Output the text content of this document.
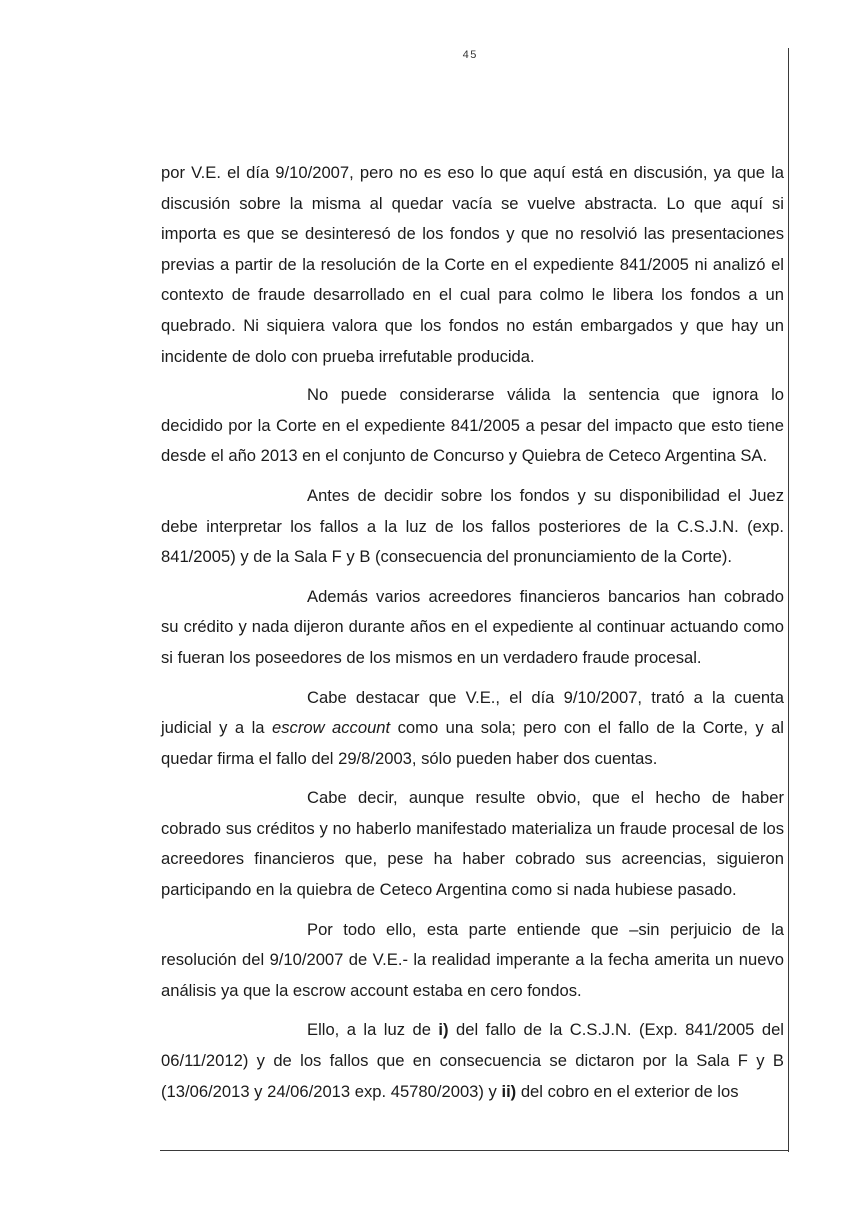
45

por V.E. el día 9/10/2007, pero no es eso lo que aquí está en discusión, ya que la discusión sobre la misma al quedar vacía se vuelve abstracta. Lo que aquí si importa es que se desinteresó de los fondos y que no resolvió las presentaciones previas a partir de la resolución de la Corte en el expediente 841/2005 ni analizó el contexto de fraude desarrollado en el cual para colmo le libera los fondos a un quebrado. Ni siquiera valora que los fondos no están embargados y que hay un incidente de dolo con prueba irrefutable producida.

No puede considerarse válida la sentencia que ignora lo decidido por la Corte en el expediente 841/2005 a pesar del impacto que esto tiene desde el año 2013 en el conjunto de Concurso y Quiebra de Ceteco Argentina SA.

Antes de decidir sobre los fondos y su disponibilidad el Juez debe interpretar los fallos a la luz de los fallos posteriores de la C.S.J.N. (exp. 841/2005) y de la Sala F y B (consecuencia del pronunciamiento de la Corte).

Además varios acreedores financieros bancarios han cobrado su crédito y nada dijeron durante años en el expediente al continuar actuando como si fueran los poseedores de los mismos en un verdadero fraude procesal.

Cabe destacar que V.E., el día 9/10/2007, trató a la cuenta judicial y a la escrow account como una sola; pero con el fallo de la Corte, y al quedar firma el fallo del 29/8/2003, sólo pueden haber dos cuentas.

Cabe decir, aunque resulte obvio, que el hecho de haber cobrado sus créditos y no haberlo manifestado materializa un fraude procesal de los acreedores financieros que, pese ha haber cobrado sus acreencias, siguieron participando en la quiebra de Ceteco Argentina como si nada hubiese pasado.

Por todo ello, esta parte entiende que –sin perjuicio de la resolución del 9/10/2007 de V.E.- la realidad imperante a la fecha amerita un nuevo análisis ya que la escrow account estaba en cero fondos.

Ello, a la luz de i) del fallo de la C.S.J.N. (Exp. 841/2005 del 06/11/2012) y de los fallos que en consecuencia se dictaron por la Sala F y B (13/06/2013 y 24/06/2013 exp. 45780/2003) y ii) del cobro en el exterior de los
